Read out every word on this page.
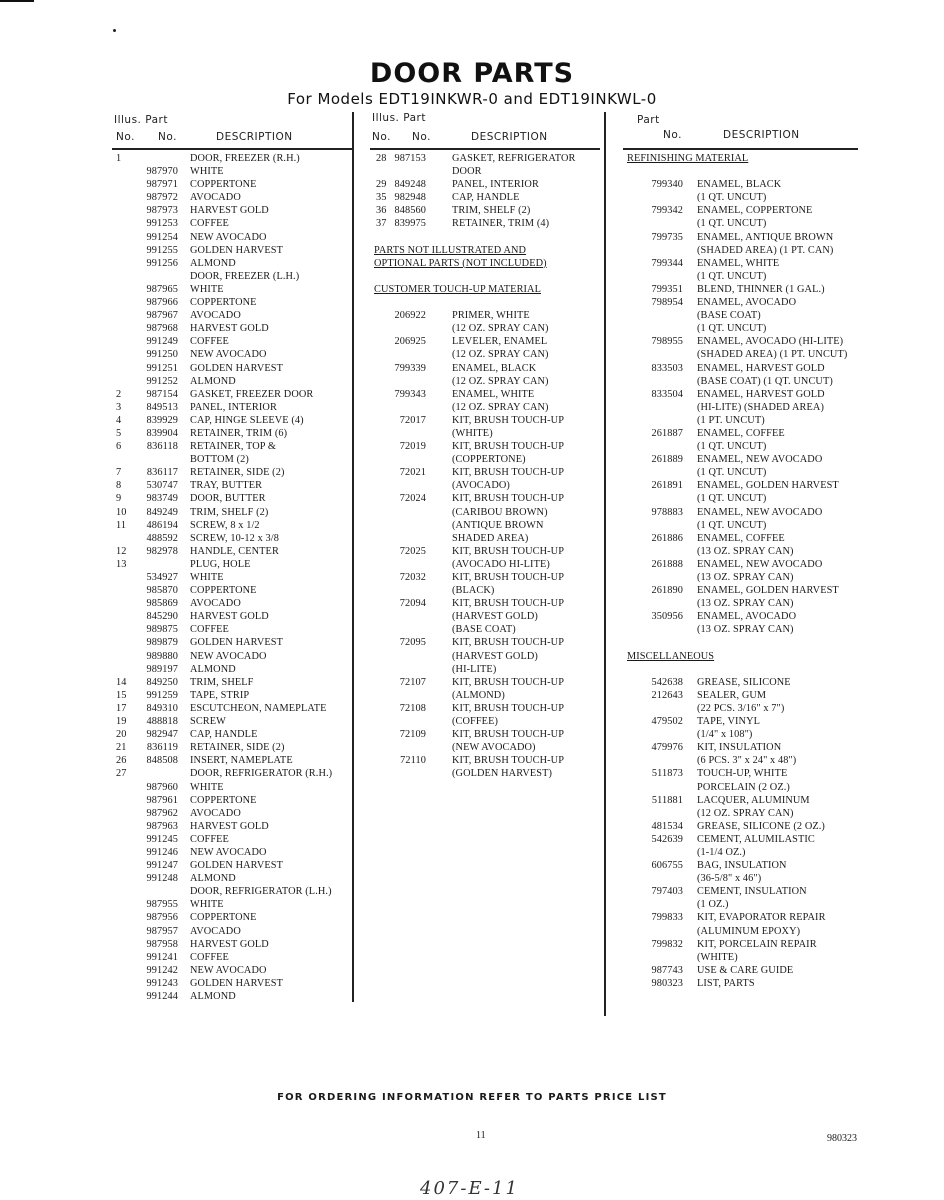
DOOR PARTS
For Models EDT19INKWR-0 and EDT19INKWL-0
Illus. Part
No. No.	DESCRIPTION
1	DOOR, FREEZER (R.H.)
987970 WHITE
987971 COPPERTONE
987972 AVOCADO
987973 HARVEST GOLD
991253 COFFEE
991254 NEW AVOCADO
991255 GOLDEN HARVEST
991256 ALMOND
DOOR, FREEZER (L.H.)
987965 WHITE
987966 COPPERTONE
987967 AVOCADO
987968 HARVEST GOLD
991249 COFFEE
991250 NEW AVOCADO
991251 GOLDEN HARVEST
991252 ALMOND
2	987154 GASKET, FREEZER DOOR
3	849513 PANEL, INTERIOR
4	839929 CAP, HINGE SLEEVE (4)
5	839904 RETAINER, TRIM (6)
6	836118 RETAINER, TOP &
BOTTOM (2)
7	836117 RETAINER, SIDE (2)
8	530747 TRAY, BUTTER
9	983749 DOOR, BUTTER
10	849249 TRIM, SHELF (2)
11	486194 SCREW, 8 x 1/2
488592 SCREW, 10-12 x 3/8
12	982978 HANDLE, CENTER
13	PLUG, HOLE
534927 WHITE
985870 COPPERTONE
985869 AVOCADO
845290 HARVEST GOLD
989875 COFFEE
989879 GOLDEN HARVEST
989880 NEW AVOCADO
989197 ALMOND
14	849250 TRIM, SHELF
15	991259 TAPE, STRIP
17	849310 ESCUTCHEON, NAMEPLATE
19	488818 SCREW
20	982947 CAP, HANDLE
21	836119 RETAINER, SIDE (2)
26	848508 INSERT, NAMEPLATE
27	DOOR, REFRIGERATOR (R.H.)
987960 WHITE
987961 COPPERTONE
987962 AVOCADO
987963 HARVEST GOLD
991245 COFFEE
991246 NEW AVOCADO
991247 GOLDEN HARVEST
991248 ALMOND
DOOR, REFRIGERATOR (L.H.)
987955 WHITE
987956 COPPERTONE
987957 AVOCADO
987958 HARVEST GOLD
991241 COFFEE
991242 NEW AVOCADO
991243 GOLDEN HARVEST
991244 ALMOND
Illus. Part
No. No.	DESCRIPTION
28 987153	GASKET, REFRIGERATOR
DOOR
29 849248	PANEL, INTERIOR
35 982948	CAP, HANDLE
36 848560	TRIM, SHELF (2)
37 839975	RETAINER, TRIM (4)
PARTS NOT ILLUSTRATED AND
OPTIONAL PARTS (NOT INCLUDED)
CUSTOMER TOUCH-UP MATERIAL
206922	PRIMER, WHITE
(12 OZ. SPRAY CAN)
206925	LEVELER, ENAMEL
(12 OZ. SPRAY CAN)
799339	ENAMEL, BLACK
(12 OZ. SPRAY CAN)
799343	ENAMEL, WHITE
(12 OZ. SPRAY CAN)
72017	KIT, BRUSH TOUCH-UP
(WHITE)
72019	KIT, BRUSH TOUCH-UP
(COPPERTONE)
72021	KIT, BRUSH TOUCH-UP
(AVOCADO)
72024	KIT, BRUSH TOUCH-UP
(CARIBOU BROWN)
(ANTIQUE BROWN
SHADED AREA)
72025	KIT, BRUSH TOUCH-UP
(AVOCADO HI-LITE)
72032	KIT, BRUSH TOUCH-UP
(BLACK)
72094	KIT, BRUSH TOUCH-UP
(HARVEST GOLD)
(BASE COAT)
72095	KIT, BRUSH TOUCH-UP
(HARVEST GOLD)
(HI-LITE)
72107	KIT, BRUSH TOUCH-UP
(ALMOND)
72108	KIT, BRUSH TOUCH-UP
(COFFEE)
72109	KIT, BRUSH TOUCH-UP
(NEW AVOCADO)
72110	KIT, BRUSH TOUCH-UP
(GOLDEN HARVEST)
Part
No.	DESCRIPTION
REFINISHING MATERIAL
799340 ENAMEL, BLACK
(1 QT. UNCUT)
799342 ENAMEL, COPPERTONE
(1 QT. UNCUT)
799735 ENAMEL, ANTIQUE BROWN
(SHADED AREA) (1 PT. CAN)
799344 ENAMEL, WHITE
(1 QT. UNCUT)
799351 BLEND, THINNER (1 GAL.)
798954 ENAMEL, AVOCADO
(BASE COAT)
(1 QT. UNCUT)
798955 ENAMEL, AVOCADO (HI-LITE)
(SHADED AREA) (1 PT. UNCUT)
833503 ENAMEL, HARVEST GOLD
(BASE COAT) (1 QT. UNCUT)
833504 ENAMEL, HARVEST GOLD
(HI-LITE) (SHADED AREA)
(1 PT. UNCUT)
261887 ENAMEL, COFFEE
(1 QT. UNCUT)
261889 ENAMEL, NEW AVOCADO
(1 QT. UNCUT)
261891 ENAMEL, GOLDEN HARVEST
(1 QT. UNCUT)
978883 ENAMEL, NEW AVOCADO
(1 QT. UNCUT)
261886 ENAMEL, COFFEE
(13 OZ. SPRAY CAN)
261888 ENAMEL, NEW AVOCADO
(13 OZ. SPRAY CAN)
261890 ENAMEL, GOLDEN HARVEST
(13 OZ. SPRAY CAN)
350956 ENAMEL, AVOCADO
(13 OZ. SPRAY CAN)
MISCELLANEOUS
542638 GREASE, SILICONE
212643 SEALER, GUM
(22 PCS. 3/16" x 7")
479502 TAPE, VINYL
(1/4" x 108")
479976 KIT, INSULATION
(6 PCS. 3" x 24" x 48")
511873 TOUCH-UP, WHITE
PORCELAIN (2 OZ.)
511881 LACQUER, ALUMINUM
(12 OZ. SPRAY CAN)
481534 GREASE, SILICONE (2 OZ.)
542639 CEMENT, ALUMILASTIC
(1-1/4 OZ.)
606755 BAG, INSULATION
(36-5/8" x 46")
797403 CEMENT, INSULATION
(1 OZ.)
799833 KIT, EVAPORATOR REPAIR
(ALUMINUM EPOXY)
799832 KIT, PORCELAIN REPAIR
(WHITE)
987743 USE & CARE GUIDE
980323 LIST, PARTS
FOR ORDERING INFORMATION REFER TO PARTS PRICE LIST
11	980323
407-E-11
